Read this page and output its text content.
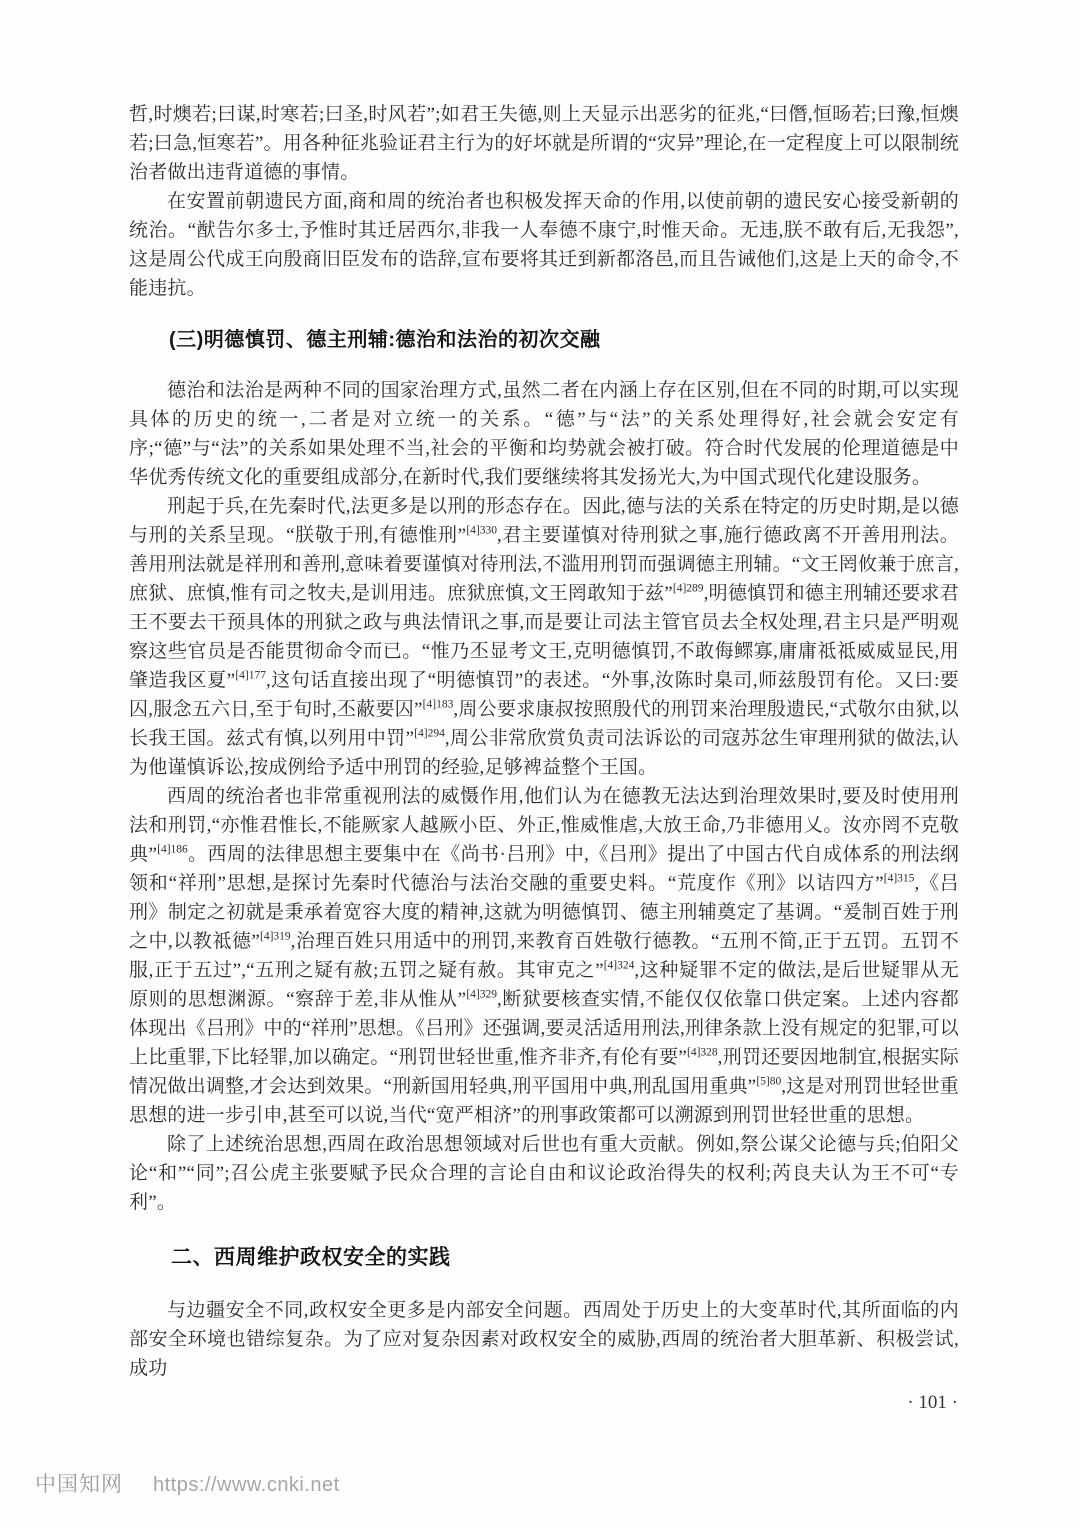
哲,时燠若;曰谋,时寒若;曰圣,时风若”;如君王失德,则上天显示出恶劣的征兆,“曰僭,恒旸若;曰豫,恒燠若;曰急,恒寒若”。用各种征兆验证君主行为的好坏就是所谓的“灾异”理论,在一定程度上可以限制统治者做出违背道德的事情。

在安置前朝遗民方面,商和周的统治者也积极发挥天命的作用,以使前朝的遗民安心接受新朝的统治。“猷告尔多士,予惟时其迁居西尔,非我一人奉德不康宁,时惟天命。无违,朕不敢有后,无我怨”,这是周公代成王向殷商旧臣发布的诰辞,宣布要将其迁到新都洛邑,而且告诫他们,这是上天的命令,不能违抗。

(三)明德慎罚、德主刑辅:德治和法治的初次交融

德治和法治是两种不同的国家治理方式,虽然二者在内涵上存在区别,但在不同的时期,可以实现具体的历史的统一,二者是对立统一的关系。“德”与“法”的关系处理得好,社会就会安定有序;“德”与“法”的关系如果处理不当,社会的平衡和均势就会被打破。符合时代发展的伦理道德是中华优秀传统文化的重要组成部分,在新时代,我们要继续将其发扬光大,为中国式现代化建设服务。

刑起于兵,在先秦时代,法更多是以刑的形态存在。因此,德与法的关系在特定的历史时期,是以德与刑的关系呈现。“朕敬于刑,有德惟刑”$^{[4]330}$,君主要谨慎对待刑狱之事,施行德政离不开善用刑法。善用刑法就是祥刑和善刑,意味着要谨慎对待刑法,不滥用刑罚而强调德主刑辅。“文王罔攸兼于庶言,庶狱、庶慎,惟有司之牧夫,是训用违。庶狱庶慎,文王罔敢知于兹”$^{[4]289}$,明德慎罚和德主刑辅还要求君王不要去干预具体的刑狱之政与典法情讯之事,而是要让司法主管官员去全权处理,君主只是严明观察这些官员是否能贯彻命令而已。“惟乃丕显考文王,克明德慎罚,不敢侮鳏寡,庸庸祗祗威威显民,用肇造我区夏”$^{[4]177}$,这句话直接出现了“明德慎罚”的表述。“外事,汝陈时臬司,师兹殷罚有伦。又曰:要囚,服念五六日,至于旬时,丕蔽要囚”$^{[4]183}$,周公要求康叔按照殷代的刑罚来治理殷遗民,“式敬尔由狱,以长我王国。兹式有慎,以列用中罚”$^{[4]294}$,周公非常欣赏负责司法诉讼的司寇苏忿生审理刑狱的做法,认为他谨慎诉讼,按成例给予适中刑罚的经验,足够裨益整个王国。

西周的统治者也非常重视刑法的威慑作用,他们认为在德教无法达到治理效果时,要及时使用刑法和刑罚,“亦惟君惟长,不能厥家人越厥小臣、外正,惟威惟虐,大放王命,乃非德用乂。汝亦罔不克敬典”$^{[4]186}$。西周的法律思想主要集中在《尚书·吕刑》中,《吕刑》提出了中国古代自成体系的刑法纲领和“祥刑”思想,是探讨先秦时代德治与法治交融的重要史料。“荒度作《刑》以诘四方”$^{[4]315}$,《吕刑》制定之初就是秉承着宽容大度的精神,这就为明德慎罚、德主刑辅奠定了基调。“爰制百姓于刑之中,以教祗德”$^{[4]319}$,治理百姓只用适中的刑罚,来教育百姓敬行德教。“五刑不简,正于五罚。五罚不服,正于五过”,“五刑之疑有赦;五罚之疑有赦。其审克之”$^{[4]324}$,这种疑罪不定的做法,是后世疑罪从无原则的思想渊源。“察辞于差,非从惟从”$^{[4]329}$,断狱要核查实情,不能仅仅依靠口供定案。上述内容都体现出《吕刑》中的“祥刑”思想。《吕刑》还强调,要灵活适用刑法,刑律条款上没有规定的犯罪,可以上比重罪,下比轻罪,加以确定。“刑罚世轻世重,惟齐非齐,有伦有要”$^{[4]328}$,刑罚还要因地制宜,根据实际情况做出调整,才会达到效果。“刑新国用轻典,刑平国用中典,刑乱国用重典”$^{[5]80}$,这是对刑罚世轻世重思想的进一步引申,甚至可以说,当代“宽严相济”的刑事政策都可以溯源到刑罚世轻世重的思想。

除了上述统治思想,西周在政治思想领域对后世也有重大贡献。例如,祭公谋父论德与兵;伯阳父论“和”“同”;召公虎主张要赋予民众合理的言论自由和议论政治得失的权利;芮良夫认为王不可“专利”。

二、西周维护政权安全的实践

与边疆安全不同,政权安全更多是内部安全问题。西周处于历史上的大变革时代,其所面临的内部安全环境也错综复杂。为了应对复杂因素对政权安全的威胁,西周的统治者大胆革新、积极尝试,成功

· 101 ·
中国知网 https://www.cnki.net
